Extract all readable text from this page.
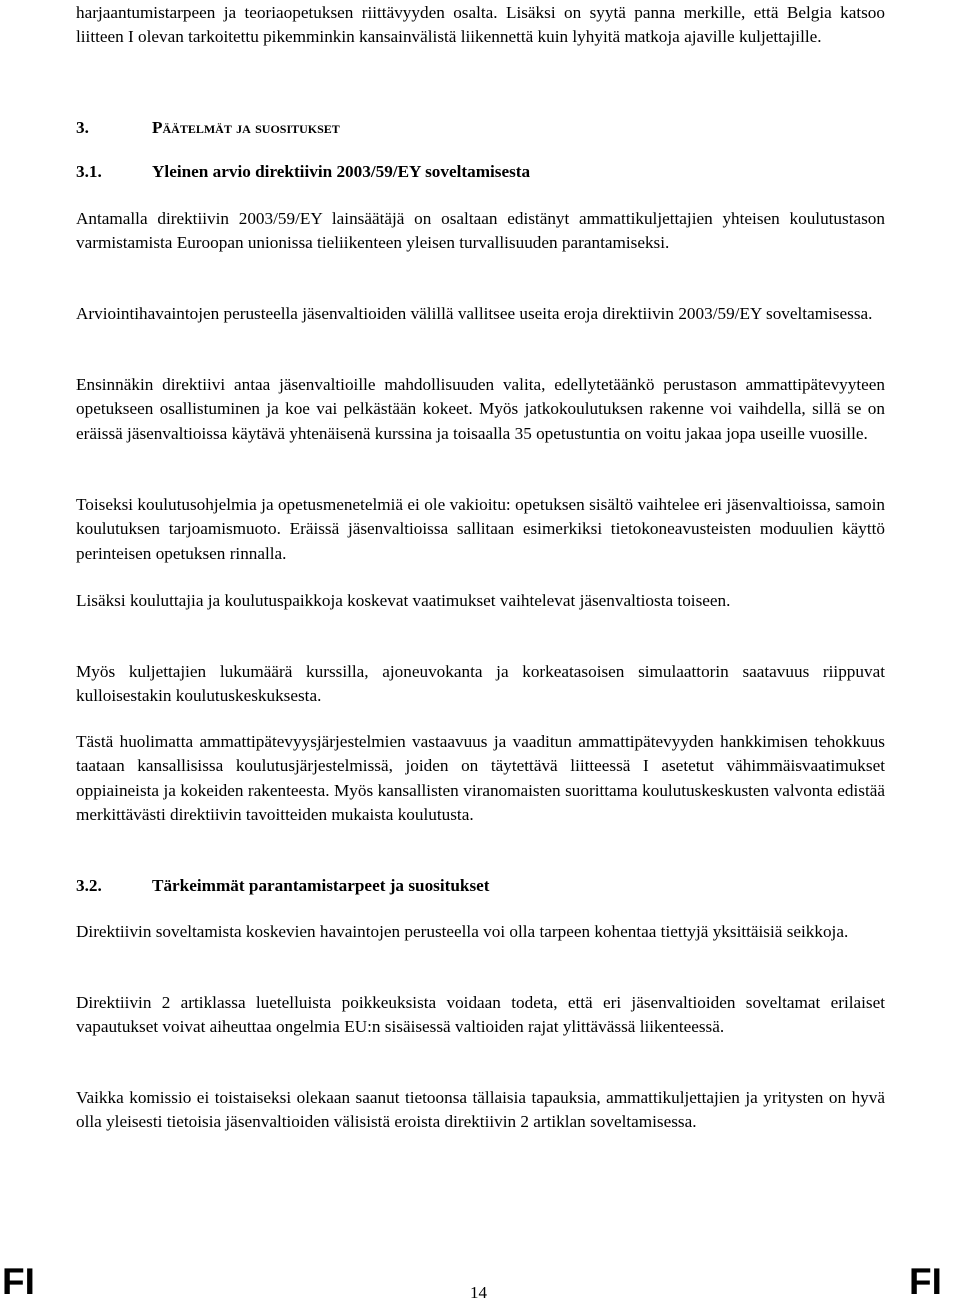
harjaantumistarpeen ja teoriaopetuksen riittävyyden osalta. Lisäksi on syytä panna merkille, että Belgia katsoo liitteen I olevan tarkoitettu pikemminkin kansainvälistä liikennettä kuin lyhyitä matkoja ajaville kuljettajille.

3.	Päätelmät ja suositukset
3.1.	Yleinen arvio direktiivin 2003/59/EY soveltamisesta

Antamalla direktiivin 2003/59/EY lainsäätäjä on osaltaan edistänyt ammattikuljettajien yhteisen koulutustason varmistamista Euroopan unionissa tieliikenteen yleisen turvallisuuden parantamiseksi.

Arviointihavaintojen perusteella jäsenvaltioiden välillä vallitsee useita eroja direktiivin 2003/59/EY soveltamisessa.

Ensinnäkin direktiivi antaa jäsenvaltioille mahdollisuuden valita, edellytetäänkö perustason ammattipätevyyteen opetukseen osallistuminen ja koe vai pelkästään kokeet. Myös jatkokoulutuksen rakenne voi vaihdella, sillä se on eräissä jäsenvaltioissa käytävä yhtenäisenä kurssina ja toisaalla 35 opetustuntia on voitu jakaa jopa useille vuosille.

Toiseksi koulutusohjelmia ja opetusmenetelmiä ei ole vakioitu: opetuksen sisältö vaihtelee eri jäsenvaltioissa, samoin koulutuksen tarjoamismuoto. Eräissä jäsenvaltioissa sallitaan esimerkiksi tietokoneavusteisten moduulien käyttö perinteisen opetuksen rinnalla.

Lisäksi kouluttajia ja koulutuspaikkoja koskevat vaatimukset vaihtelevat jäsenvaltiosta toiseen.

Myös kuljettajien lukumäärä kurssilla, ajoneuvokanta ja korkeatasoisen simulaattorin saatavuus riippuvat kulloisestakin koulutuskeskuksesta.

Tästä huolimatta ammattipätevyysjärjestelmien vastaavuus ja vaaditun ammattipätevyyden hankkimisen tehokkuus taataan kansallisissa koulutusjärjestelmissä, joiden on täytettävä liitteessä I asetetut vähimmäisvaatimukset oppiaineista ja kokeiden rakenteesta. Myös kansallisten viranomaisten suorittama koulutuskeskusten valvonta edistää merkittävästi direktiivin tavoitteiden mukaista koulutusta.

3.2.	Tärkeimmät parantamistarpeet ja suositukset

Direktiivin soveltamista koskevien havaintojen perusteella voi olla tarpeen kohentaa tiettyjä yksittäisiä seikkoja.

Direktiivin 2 artiklassa luetelluista poikkeuksista voidaan todeta, että eri jäsenvaltioiden soveltamat erilaiset vapautukset voivat aiheuttaa ongelmia EU:n sisäisessä valtioiden rajat ylittävässä liikenteessä.

Vaikka komissio ei toistaiseksi olekaan saanut tietoonsa tällaisia tapauksia, ammattikuljettajien ja yritysten on hyvä olla yleisesti tietoisia jäsenvaltioiden välisistä eroista direktiivin 2 artiklan soveltamisessa.

FI	14	FI
